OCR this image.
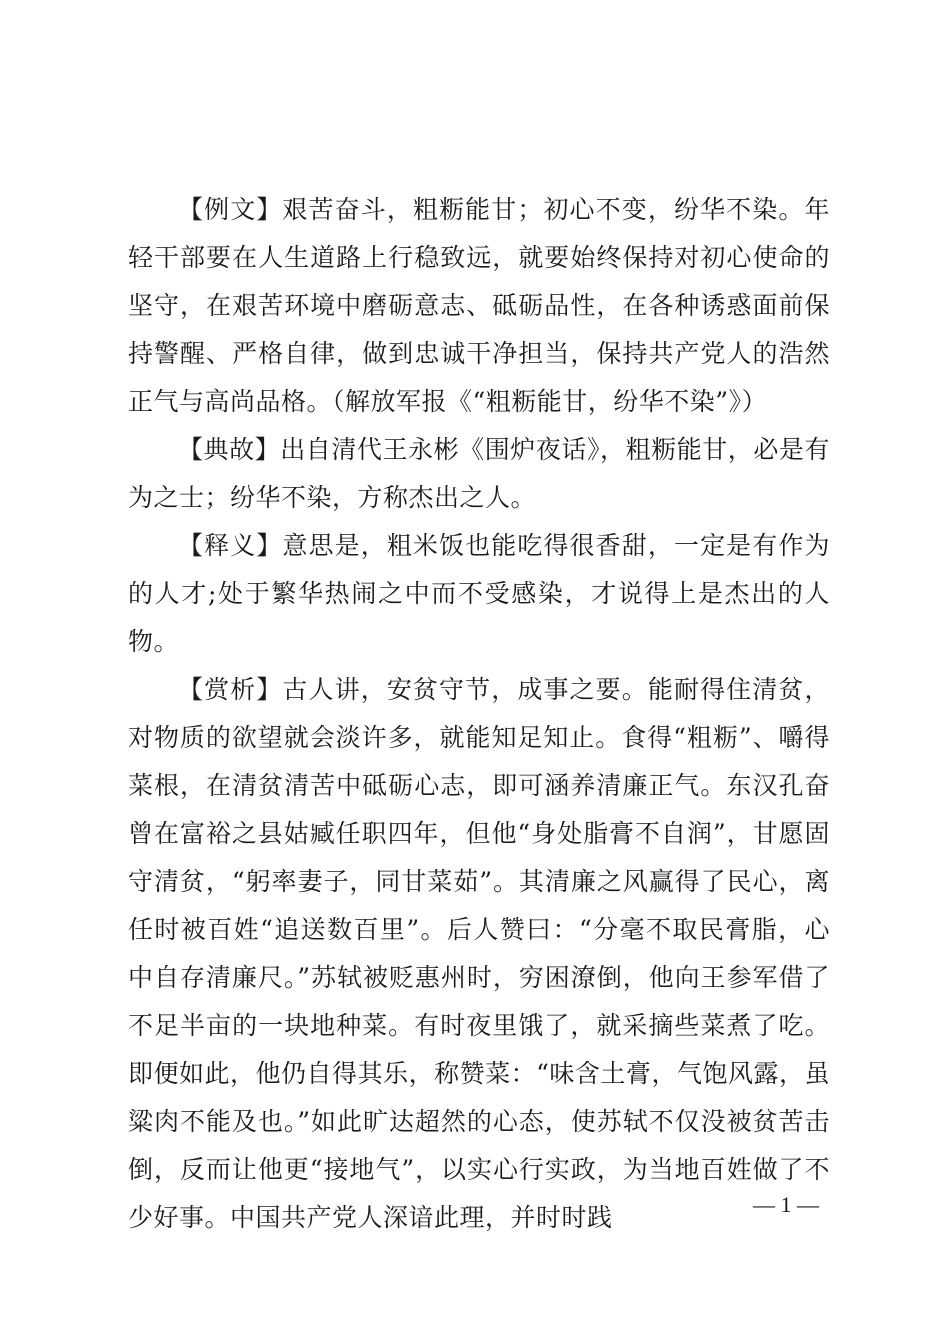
【例文】艰苦奋斗，粗粝能甘；初心不变，纷华不染。年轻干部要在人生道路上行稳致远，就要始终保持对初心使命的坚守，在艰苦环境中磨砺意志、砥砺品性，在各种诱惑面前保持警醒、严格自律，做到忠诚干净担当，保持共产党人的浩然正气与高尚品格。（解放军报《“粗粝能甘，纷华不染”》）

【典故】出自清代王永彬《围炉夜话》，粗粝能甘，必是有为之士；纷华不染，方称杰出之人。

【释义】意思是，粗米饭也能吃得很香甜，一定是有作为的人才;处于繁华热闹之中而不受感染，才说得上是杰出的人物。

【赏析】古人讲，安贫守节，成事之要。能耐得住清贫，对物质的欲望就会淡许多，就能知足知止。食得“粗粝”、嚼得菜根，在清贫清苦中砥砺心志，即可涵养清廉正气。东汉孔奋曾在富裕之县姑臧任职四年，但他“身处脂膏不自润”，甘愿固守清贫，“躬率妻子，同甘菜茹”。其清廉之风赢得了民心，离任时被百姓“追送数百里”。后人赞曰：“分毫不取民膏脂，心中自存清廉尺。”苏轼被贬惠州时，穷困潦倒，他向王参军借了不足半亩的一块地种菜。有时夜里饿了，就采摘些菜煮了吃。即便如此，他仍自得其乐，称赞菜：“味含土膏，气饱风露，虽粱肉不能及也。”如此旷达超然的心态，使苏轼不仅没被贫苦击倒，反而让他更“接地气”，以实心行实政，为当地百姓做了不少好事。中国共产党人深谙此理，并时时践	— 1 —
